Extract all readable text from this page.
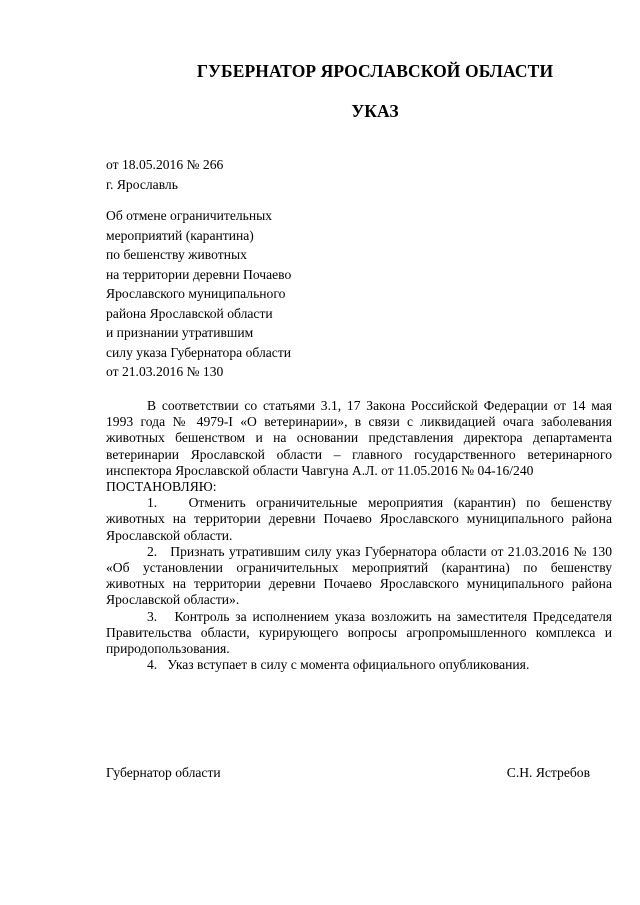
ГУБЕРНАТОР ЯРОСЛАВСКОЙ ОБЛАСТИ
УКАЗ
от 18.05.2016 № 266
г. Ярославль
Об отмене ограничительных
мероприятий (карантина)
по бешенству животных
на территории деревни Почаево
Ярославского муниципального
района Ярославской области
и признании утратившим
силу указа Губернатора области
от 21.03.2016 № 130

В соответствии со статьями 3.1, 17 Закона Российской Федерации от 14 мая 1993 года № 4979-I «О ветеринарии», в связи с ликвидацией очага заболевания животных бешенством и на основании представления директора департамента ветеринарии Ярославской области – главного государственного ветеринарного инспектора Ярославской области Чавгуна А.Л. от 11.05.2016 № 04-16/240

ПОСТАНОВЛЯЮ:

1.   Отменить ограничительные мероприятия (карантин) по бешенству животных на территории деревни Почаево Ярославского муниципального района Ярославской области.

2.   Признать утратившим силу указ Губернатора области от 21.03.2016 № 130 «Об установлении ограничительных мероприятий (карантина) по бешенству животных на территории деревни Почаево Ярославского муниципального района Ярославской области».

3.   Контроль за исполнением указа возложить на заместителя Председателя Правительства области, курирующего вопросы агропромышленного комплекса и природопользования.

4.   Указ вступает в силу с момента официального опубликования.

Губернатор области	С.Н. Ястребов
